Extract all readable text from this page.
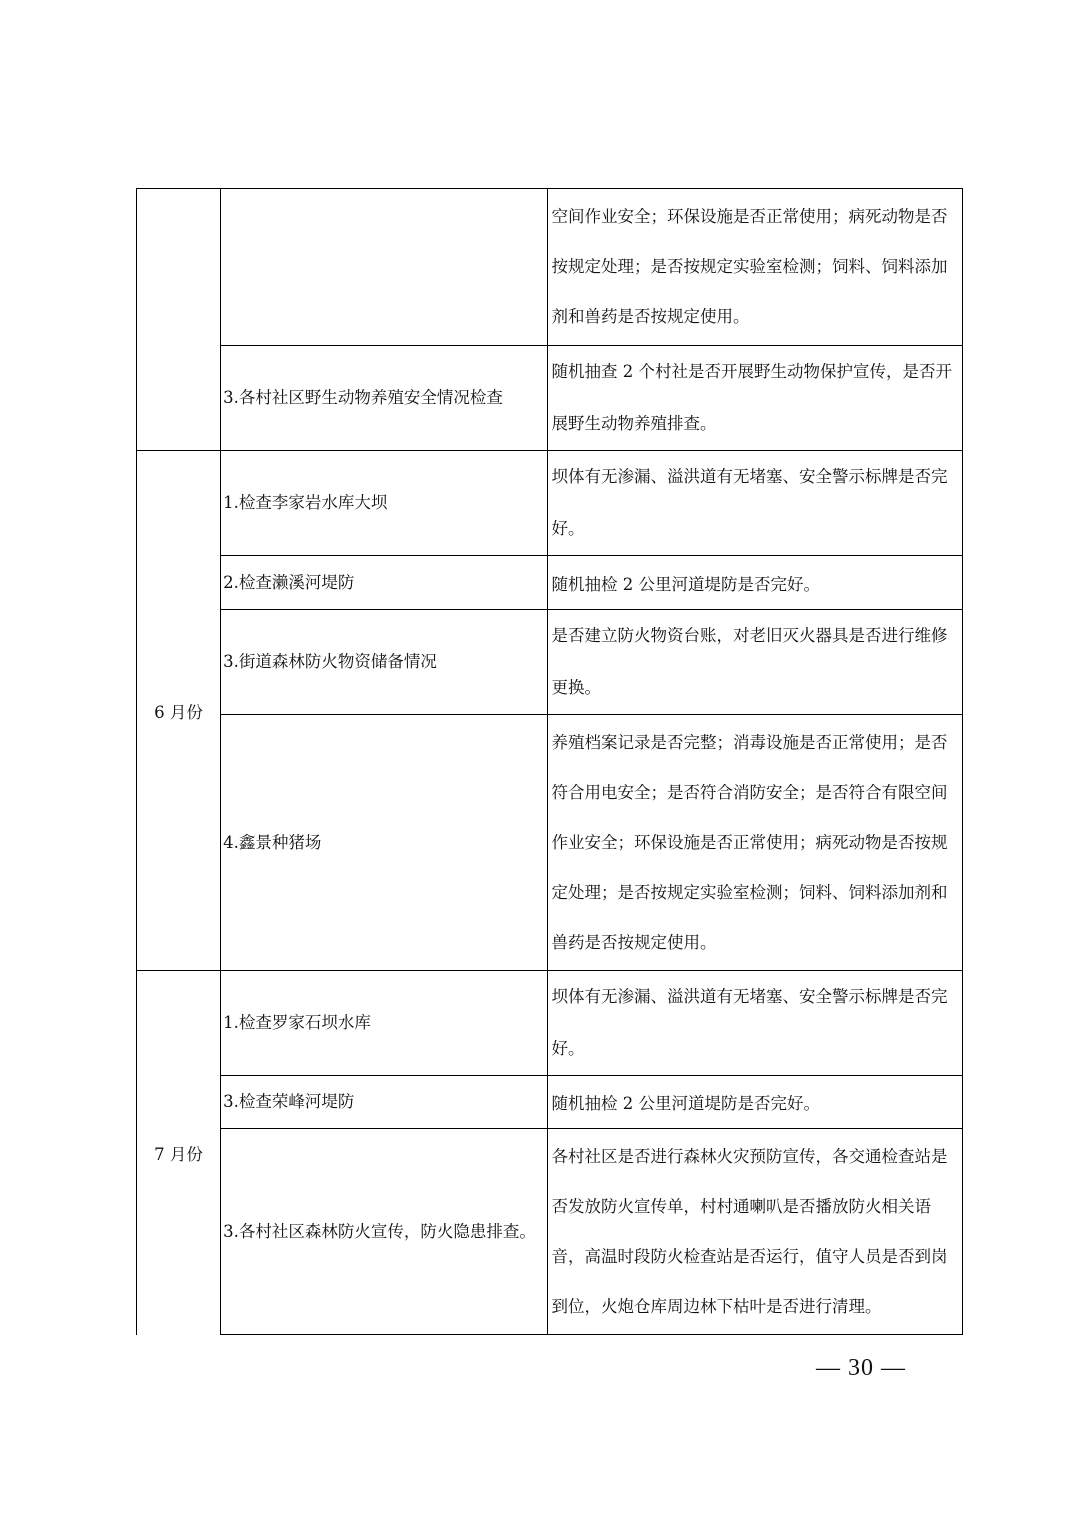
		空间作业安全；环保设施是否正常使用；病死动物是否按规定处理；是否按规定实验室检测；饲料、饲料添加剂和兽药是否按规定使用。
	3.各村社区野生动物养殖安全情况检查	随机抽查 2 个村社是否开展野生动物保护宣传，是否开展野生动物养殖排查。
6 月份	1.检查李家岩水库大坝	坝体有无渗漏、溢洪道有无堵塞、安全警示标牌是否完好。
	2.检查濑溪河堤防	随机抽检 2 公里河道堤防是否完好。
	3.街道森林防火物资储备情况	是否建立防火物资台账，对老旧灭火器具是否进行维修更换。
	4.鑫景种猪场	养殖档案记录是否完整；消毒设施是否正常使用；是否符合用电安全；是否符合消防安全；是否符合有限空间作业安全；环保设施是否正常使用；病死动物是否按规定处理；是否按规定实验室检测；饲料、饲料添加剂和兽药是否按规定使用。
7 月份	1.检查罗家石坝水库	坝体有无渗漏、溢洪道有无堵塞、安全警示标牌是否完好。
	3.检查荣峰河堤防	随机抽检 2 公里河道堤防是否完好。
	3.各村社区森林防火宣传，防火隐患排查。	各村社区是否进行森林火灾预防宣传，各交通检查站是否发放防火宣传单，村村通喇叭是否播放防火相关语音，高温时段防火检查站是否运行，值守人员是否到岗到位，火炮仓库周边林下枯叶是否进行清理。
— 30 —
